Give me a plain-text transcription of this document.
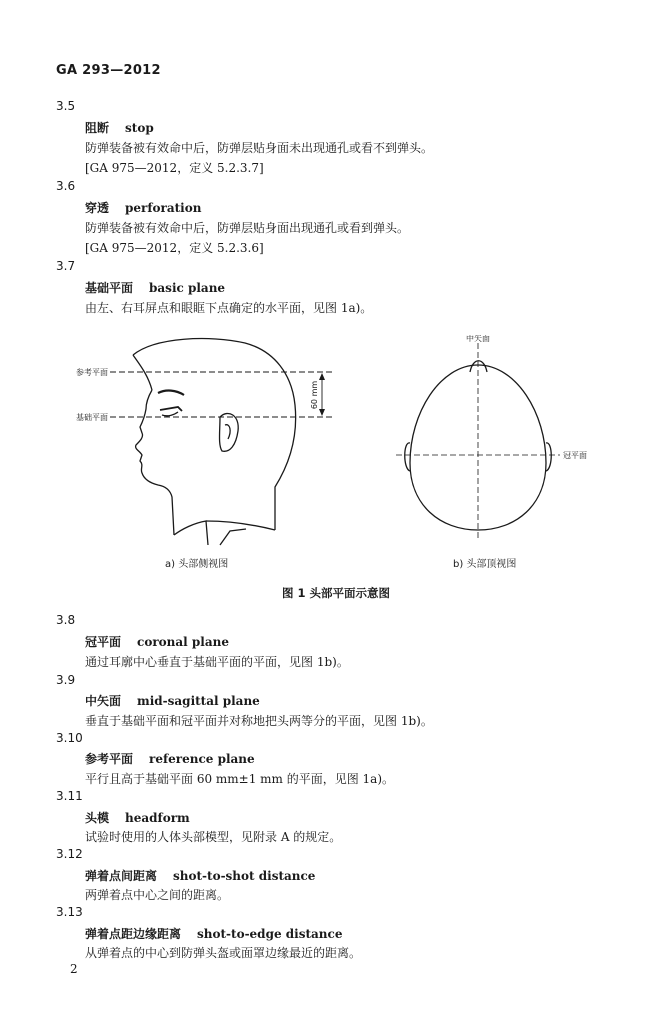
GA 293—2012
3.5
阻断 stop
防弹装备被有效命中后，防弹层贴身面未出现通孔或看不到弹头。
[GA 975—2012，定义 5.2.3.7]
3.6
穿透 perforation
防弹装备被有效命中后，防弹层贴身面出现通孔或看到弹头。
[GA 975—2012，定义 5.2.3.6]
3.7
基础平面 basic plane
由左、右耳屏点和眼眶下点确定的水平面，见图 1a)。
60 mm
参考平面
基础平面
中矢面
冠平面
a) 头部侧视图	b) 头部顶视图
图 1 头部平面示意图
3.8
冠平面 coronal plane
通过耳廓中心垂直于基础平面的平面，见图 1b)。
3.9
中矢面 mid-sagittal plane
垂直于基础平面和冠平面并对称地把头两等分的平面，见图 1b)。
3.10
参考平面 reference plane
平行且高于基础平面 60 mm±1 mm 的平面，见图 1a)。
3.11
头模 headform
试验时使用的人体头部模型，见附录 A 的规定。
3.12
弹着点间距离 shot-to-shot distance
两弹着点中心之间的距离。
3.13
弹着点距边缘距离 shot-to-edge distance
从弹着点的中心到防弹头盔或面罩边缘最近的距离。
2
